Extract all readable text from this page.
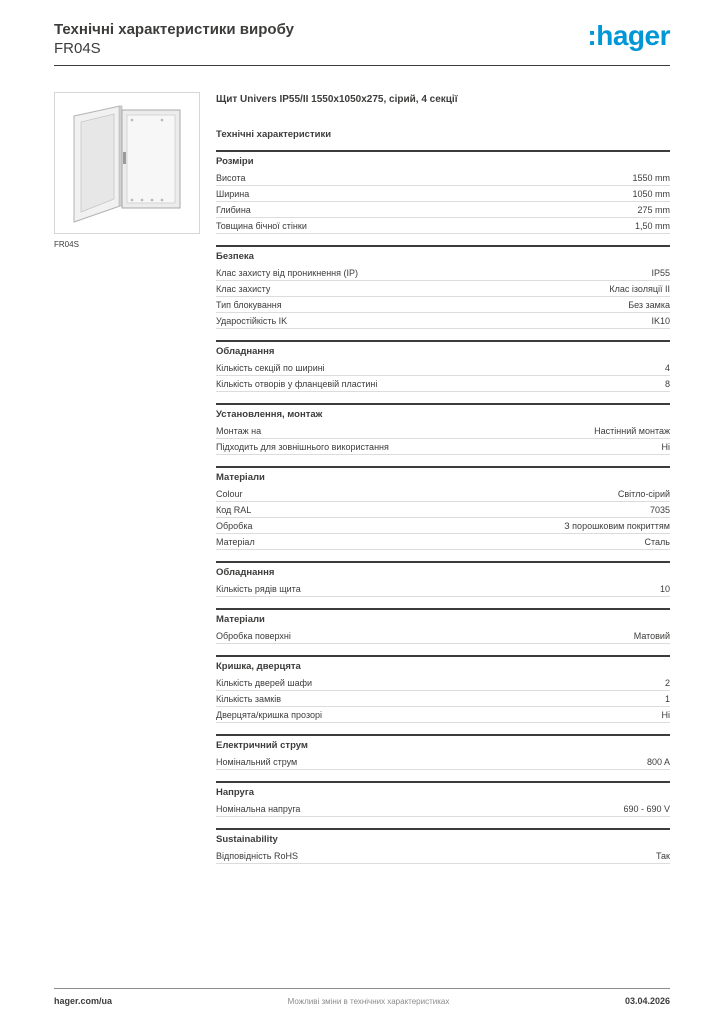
Технічні характеристики виробу
FR04S	:hager
FR04S
Щит Univers IP55/II 1550x1050x275, сірий, 4 секції
Технічні характеристики
Розміри
Висота	1550 mm
Ширина	1050 mm
Глибина	275 mm
Товщина бічної стінки	1,50 mm
Безпека
Клас захисту від проникнення (IP)	IP55
Клас захисту	Клас ізоляції II
Тип блокування	Без замка
Ударостійкість IK	IK10
Обладнання
Кількість секцій по ширині	4
Кількість отворів у фланцевій пластині	8
Установлення, монтаж
Монтаж на	Настінний монтаж
Підходить для зовнішнього використання	Ні
Матеріали
Colour	Світло-сірий
Код RAL	7035
Обробка	З порошковим покриттям
Матеріал	Сталь
Обладнання
Кількість рядів щита	10
Матеріали
Обробка поверхні	Матовий
Кришка, дверцята
Кількість дверей шафи	2
Кількість замків	1
Дверцята/кришка прозорі	Ні
Електричний струм
Номінальний струм	800 A
Напруга
Номінальна напруга	690 - 690 V
Sustainability
Відповідність RoHS	Так
hager.com/ua	Можливі зміни в технічних характеристиках	03.04.2026
